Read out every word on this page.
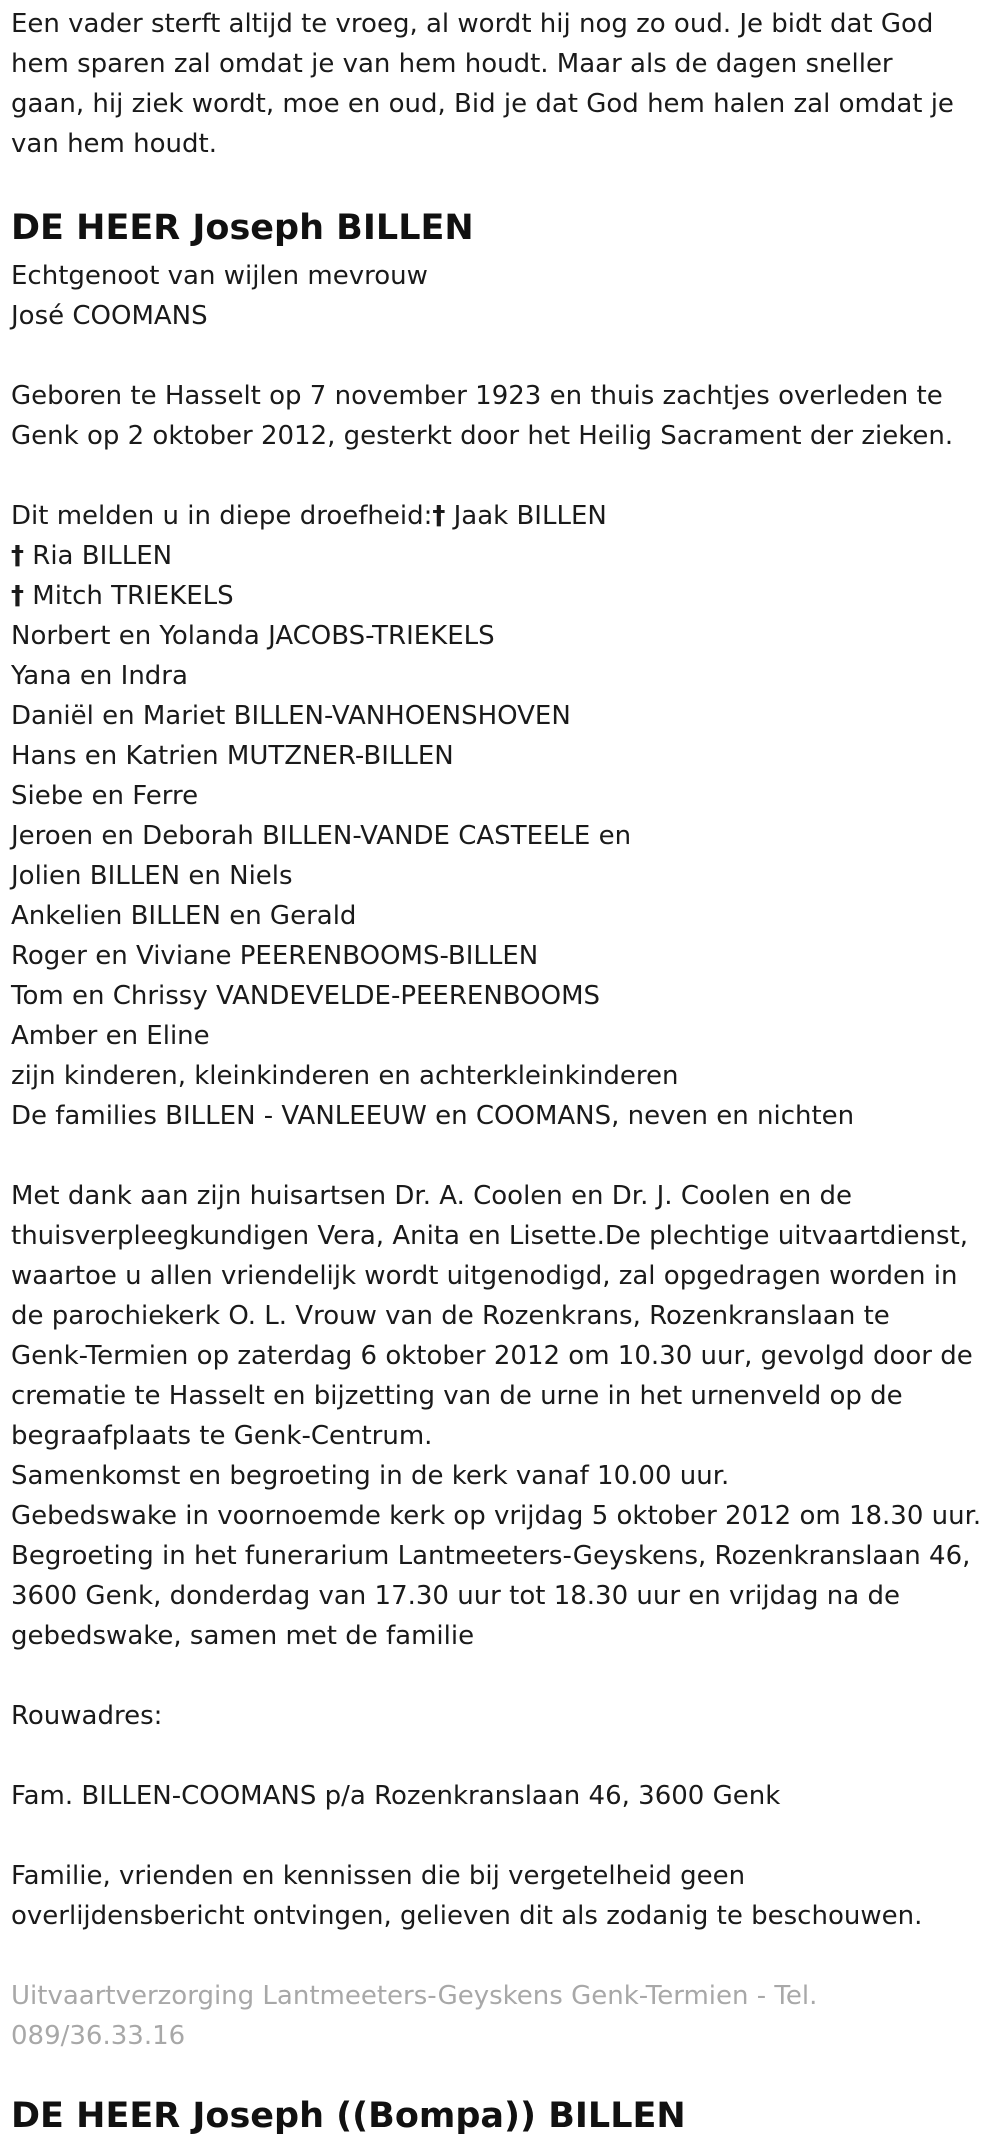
Een vader sterft altijd te vroeg, al wordt hij nog zo oud. Je bidt dat God
hem sparen zal omdat je van hem houdt. Maar als de dagen sneller
gaan, hij ziek wordt, moe en oud, Bid je dat God hem halen zal omdat je
van hem houdt.
DE HEER Joseph BILLEN
Echtgenoot van wijlen mevrouw
José COOMANS
Geboren te Hasselt op 7 november 1923 en thuis zachtjes overleden te
Genk op 2 oktober 2012, gesterkt door het Heilig Sacrament der zieken.
Dit melden u in diepe droefheid:† Jaak BILLEN
† Ria BILLEN
† Mitch TRIEKELS
Norbert en Yolanda JACOBS-TRIEKELS
Yana en Indra
Daniël en Mariet BILLEN-VANHOENSHOVEN
Hans en Katrien MUTZNER-BILLEN
Siebe en Ferre
Jeroen en Deborah BILLEN-VANDE CASTEELE en
Jolien BILLEN en Niels
Ankelien BILLEN en Gerald
Roger en Viviane PEERENBOOMS-BILLEN
Tom en Chrissy VANDEVELDE-PEERENBOOMS
Amber en Eline
zijn kinderen, kleinkinderen en achterkleinkinderen
De families BILLEN - VANLEEUW en COOMANS, neven en nichten
Met dank aan zijn huisartsen Dr. A. Coolen en Dr. J. Coolen en de
thuisverpleegkundigen Vera, Anita en Lisette.De plechtige uitvaartdienst,
waartoe u allen vriendelijk wordt uitgenodigd, zal opgedragen worden in
de parochiekerk O. L. Vrouw van de Rozenkrans, Rozenkranslaan te
Genk-Termien op zaterdag 6 oktober 2012 om 10.30 uur, gevolgd door de
crematie te Hasselt en bijzetting van de urne in het urnenveld op de
begraafplaats te Genk-Centrum.
Samenkomst en begroeting in de kerk vanaf 10.00 uur.
Gebedswake in voornoemde kerk op vrijdag 5 oktober 2012 om 18.30 uur.
Begroeting in het funerarium Lantmeeters-Geyskens, Rozenkranslaan 46,
3600 Genk, donderdag van 17.30 uur tot 18.30 uur en vrijdag na de
gebedswake, samen met de familie
Rouwadres:
Fam. BILLEN-COOMANS p/a Rozenkranslaan 46, 3600 Genk
Familie, vrienden en kennissen die bij vergetelheid geen
overlijdensbericht ontvingen, gelieven dit als zodanig te beschouwen.
Uitvaartverzorging Lantmeeters-Geyskens Genk-Termien - Tel.
089/36.33.16
DE HEER Joseph ((Bompa)) BILLEN
